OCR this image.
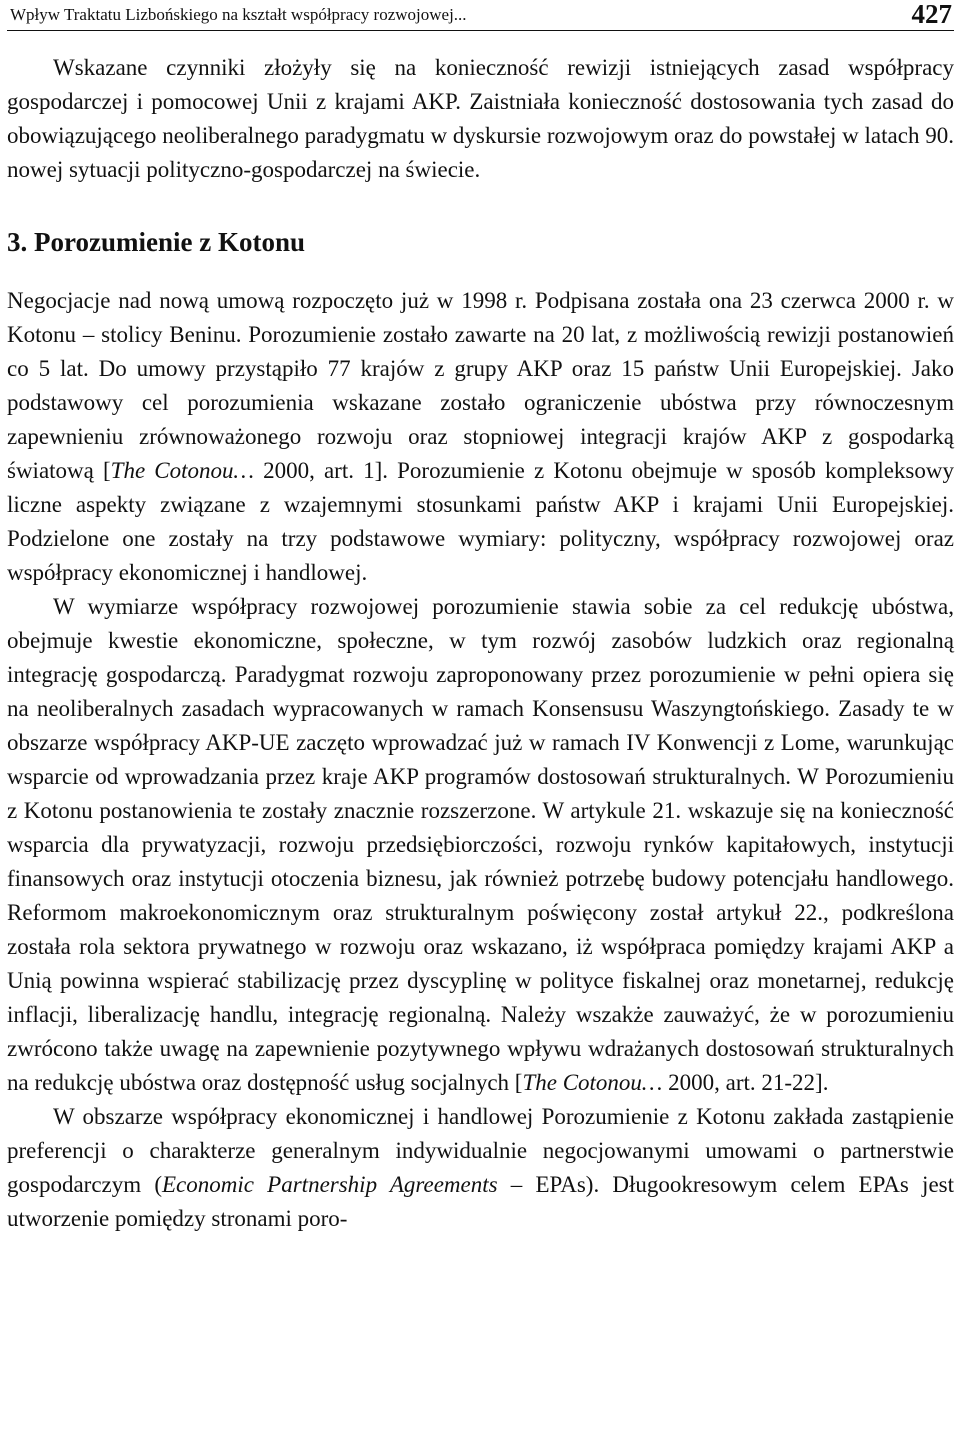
Wpływ Traktatu Lizbońskiego na kształt współpracy rozwojowej...	427

Wskazane czynniki złożyły się na konieczność rewizji istniejących zasad współpracy gospodarczej i pomocowej Unii z krajami AKP. Zaistniała konieczność dostosowania tych zasad do obowiązującego neoliberalnego paradygmatu w dyskursie rozwojowym oraz do powstałej w latach 90. nowej sytuacji polityczno-gospodarczej na świecie.

3. Porozumienie z Kotonu

Negocjacje nad nową umową rozpoczęto już w 1998 r. Podpisana została ona 23 czerwca 2000 r. w Kotonu – stolicy Beninu. Porozumienie zostało zawarte na 20 lat, z możliwością rewizji postanowień co 5 lat. Do umowy przystąpiło 77 krajów z grupy AKP oraz 15 państw Unii Europejskiej. Jako podstawowy cel porozumienia wskazane zostało ograniczenie ubóstwa przy równoczesnym zapewnieniu zrównoważonego rozwoju oraz stopniowej integracji krajów AKP z gospodarką światową [The Cotonou… 2000, art. 1]. Porozumienie z Kotonu obejmuje w sposób kompleksowy liczne aspekty związane z wzajemnymi stosunkami państw AKP i krajami Unii Europejskiej. Podzielone one zostały na trzy podstawowe wymiary: polityczny, współpracy rozwojowej oraz współpracy ekonomicznej i handlowej.

W wymiarze współpracy rozwojowej porozumienie stawia sobie za cel redukcję ubóstwa, obejmuje kwestie ekonomiczne, społeczne, w tym rozwój zasobów ludzkich oraz regionalną integrację gospodarczą. Paradygmat rozwoju zaproponowany przez porozumienie w pełni opiera się na neoliberalnych zasadach wypracowanych w ramach Konsensusu Waszyngtońskiego. Zasady te w obszarze współpracy AKP-UE zaczęto wprowadzać już w ramach IV Konwencji z Lome, warunkując wsparcie od wprowadzania przez kraje AKP programów dostosowań strukturalnych. W Porozumieniu z Kotonu postanowienia te zostały znacznie rozszerzone. W artykule 21. wskazuje się na konieczność wsparcia dla prywatyzacji, rozwoju przedsiębiorczości, rozwoju rynków kapitałowych, instytucji finansowych oraz instytucji otoczenia biznesu, jak również potrzebę budowy potencjału handlowego. Reformom makroekonomicznym oraz strukturalnym poświęcony został artykuł 22., podkreślona została rola sektora prywatnego w rozwoju oraz wskazano, iż współpraca pomiędzy krajami AKP a Unią powinna wspierać stabilizację przez dyscyplinę w polityce fiskalnej oraz monetarnej, redukcję inflacji, liberalizację handlu, integrację regionalną. Należy wszakże zauważyć, że w porozumieniu zwrócono także uwagę na zapewnienie pozytywnego wpływu wdrażanych dostosowań strukturalnych na redukcję ubóstwa oraz dostępność usług socjalnych [The Cotonou… 2000, art. 21-22].

W obszarze współpracy ekonomicznej i handlowej Porozumienie z Kotonu zakłada zastąpienie preferencji o charakterze generalnym indywidualnie negocjowanymi umowami o partnerstwie gospodarczym (Economic Partnership Agreements – EPAs). Długookresowym celem EPAs jest utworzenie pomiędzy stronami poro-
